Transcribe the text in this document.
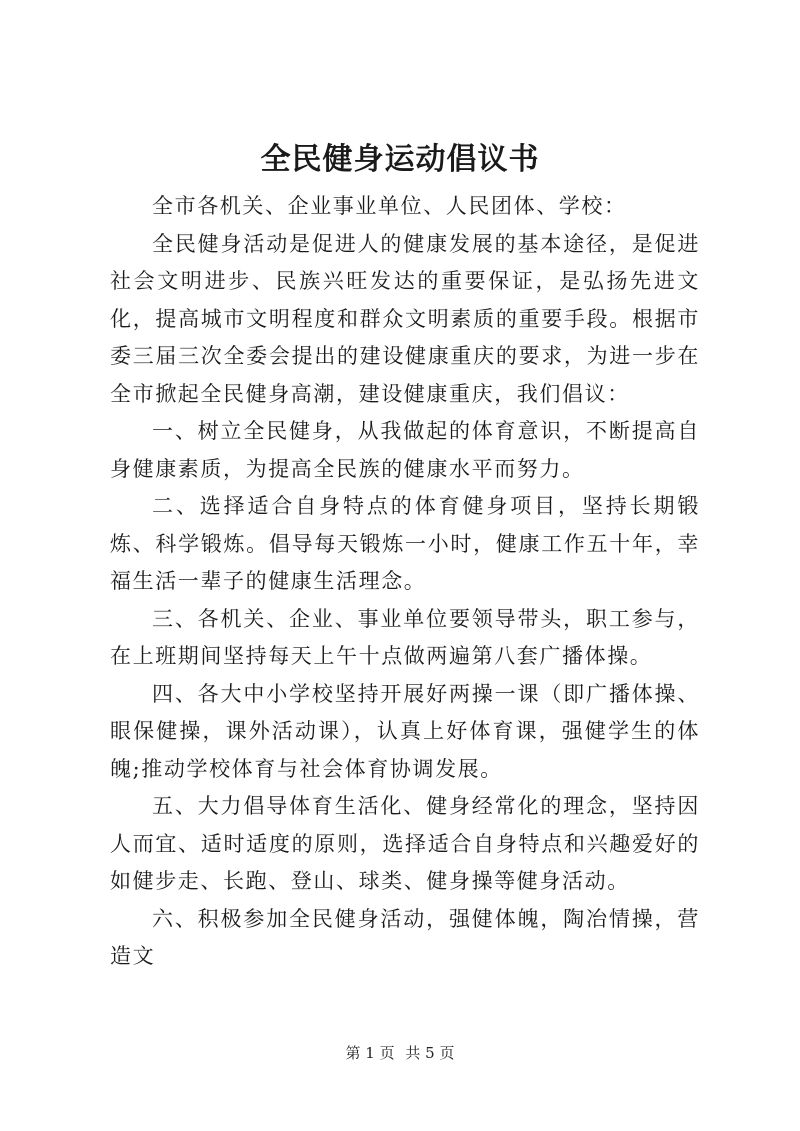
全民健身运动倡议书

全市各机关、企业事业单位、人民团体、学校：

全民健身活动是促进人的健康发展的基本途径，是促进社会文明进步、民族兴旺发达的重要保证，是弘扬先进文化，提高城市文明程度和群众文明素质的重要手段。根据市委三届三次全委会提出的建设健康重庆的要求，为进一步在全市掀起全民健身高潮，建设健康重庆，我们倡议：

一、树立全民健身，从我做起的体育意识，不断提高自身健康素质，为提高全民族的健康水平而努力。

二、选择适合自身特点的体育健身项目，坚持长期锻炼、科学锻炼。倡导每天锻炼一小时，健康工作五十年，幸福生活一辈子的健康生活理念。

三、各机关、企业、事业单位要领导带头，职工参与，在上班期间坚持每天上午十点做两遍第八套广播体操。

四、各大中小学校坚持开展好两操一课（即广播体操、眼保健操，课外活动课），认真上好体育课，强健学生的体魄;推动学校体育与社会体育协调发展。

五、大力倡导体育生活化、健身经常化的理念，坚持因人而宜、适时适度的原则，选择适合自身特点和兴趣爱好的如健步走、长跑、登山、球类、健身操等健身活动。

六、积极参加全民健身活动，强健体魄，陶冶情操，营造文

第 1 页 共 5 页
